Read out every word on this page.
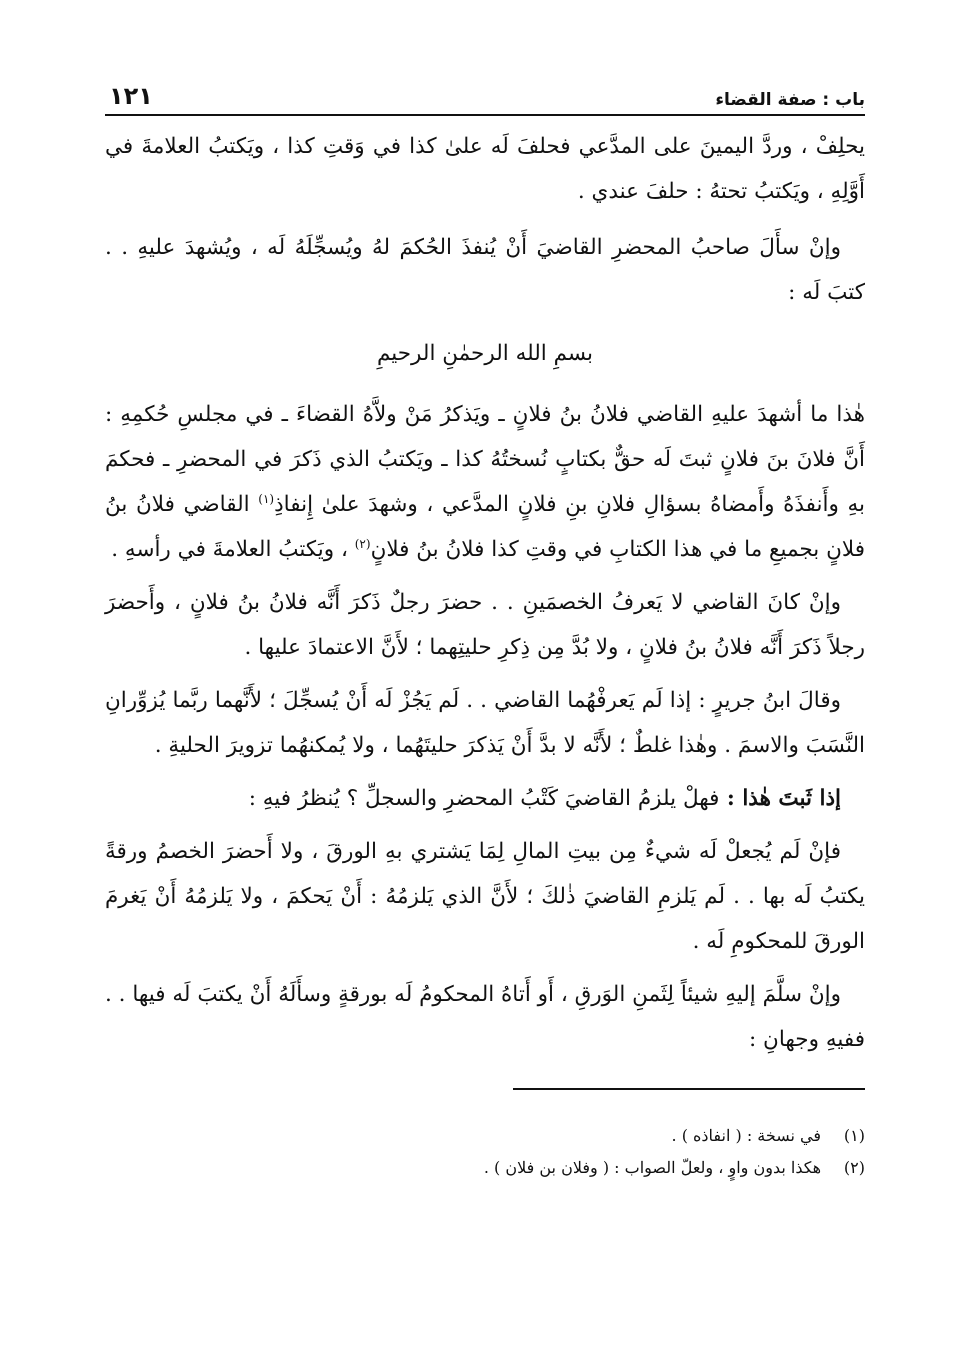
باب : صفة القضاء
١٢١

يحلِفْ ، وردَّ اليمينَ على المدَّعي فحلفَ لَه علىٰ كذا في وَقتِ كذا ، ويَكتبُ العلامةَ في أَوَّلِهِ ، ويَكتبُ تحتهُ : حلفَ عندي .

وإنْ سأَلَ صاحبُ المحضرِ القاضيَ أَنْ يُنفذَ الحُكمَ لهُ ويُسجِّلَهُ لَه ، ويُشهدَ عليهِ . . كتبَ لَه :

بسمِ الله الرحمٰنِ الرحيمِ

هٰذا ما أشهدَ عليهِ القاضي فلانُ بنُ فلانٍ ـ ويَذكرُ مَنْ ولاَّهُ القضاءَ ـ في مجلسِ حُكمِهِ : أَنَّ فلانَ بنَ فلانٍ ثبتَ لَه حقٌّ بكتابٍ نُسختُهُ كذا ـ ويَكتبُ الذي ذَكرَ في المحضرِ ـ فحكمَ بهِ وأَنفذَهُ وأَمضاهُ بسؤالِ فلانِ بنِ فلانٍ المدَّعي ، وشهدَ علىٰ إِنفاذِ$^{(١)}$ القاضي فلانُ بنُ فلانٍ بجميعِ ما في هذا الكتابِ في وقتِ كذا فلانُ بنُ فلانٍ$^{(٢)}$ ، ويَكتبُ العلامةَ في رأسهِ .

وإنْ كانَ القاضي لا يَعرفُ الخصمَينِ . . حضرَ رجلٌ ذَكرَ أَنَّه فلانُ بنُ فلانٍ ، وأَحضرَ رجلاً ذَكرَ أَنَّه فلانُ بنُ فلانٍ ، ولا بُدَّ مِن ذِكرِ حليتِهما ؛ لأَنَّ الاعتمادَ عليها .

وقالَ ابنُ جريرٍ : إذا لَم يَعرفْهُما القاضي . . لَم يَجُزْ لَه أَنْ يُسجِّلَ ؛ لأَنَّهما ربَّما يُزوِّرانِ النَّسَبَ والاسمَ . وهٰذا غلطٌ ؛ لأَنَّه لا بدَّ أَنْ يَذكرَ حليتَهُما ، ولا يُمكنهُما تزويرَ الحليةِ .

إذا ثَبتَ هٰذا : فهلْ يلزمُ القاضيَ كَتْبُ المحضرِ والسجلِّ ؟ يُنظرُ فيهِ :

فإنْ لَم يُجعلْ لَه شيءٌ مِن بيتِ المالِ لِمَا يَشتري بهِ الورقَ ، ولا أَحضرَ الخصمُ ورقةً يكتبُ لَه بها . . لَم يَلزمِ القاضيَ ذٰلكَ ؛ لأَنَّ الذي يَلزمُهُ : أَنْ يَحكمَ ، ولا يَلزمُهُ أَنْ يَغرمَ الورقَ للمحكومِ لَه .

وإنْ سلَّمَ إليهِ شيئاً لِثَمنِ الوَرقِ ، أَو أَتاهُ المحكومُ لَه بورقةٍ وسأَلَهُ أَنْ يكتبَ لَه فيها . . ففيهِ وجهانِ :

(١)في نسخة : ( انفاذه ) .
(٢)هكذا بدون واوٍ ، ولعلّ الصواب : ( وفلان بن فلان ) .
